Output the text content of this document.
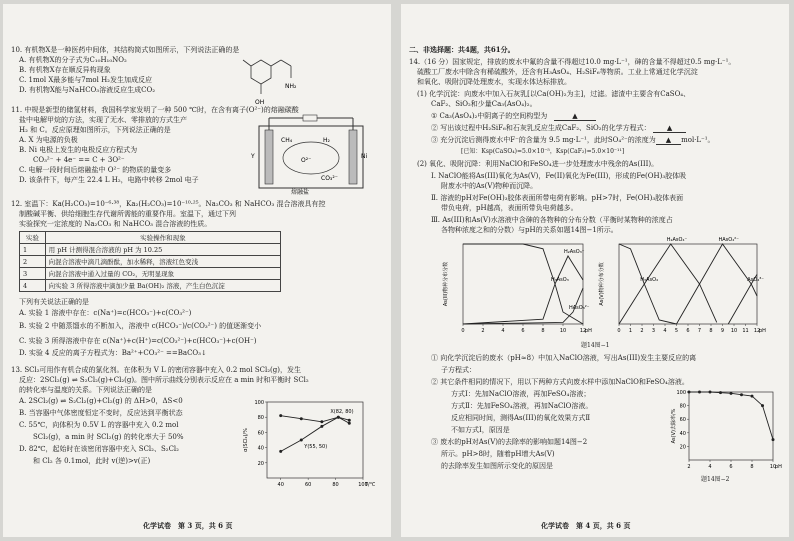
10. 有机物X是一种医药中间体，其结构简式如图所示，下列说法正确的是
A. 有机物X的分子式为C₁₀H₁₀NO₂
B. 有机物X存在顺反异构现象
C. 1mol X最多能与7mol H₂发生加成反应
D. 有机物X能与NaHCO₃溶液反应生成CO₂
OH
NH₂
11. 中规是新型的储氢材料，我国科学家发明了一种 500 ℃时，在含有离子(O²⁻)的熔融碳酸
盐中电解甲烷的方法，实现了无水、零排放的方式生产
H₂ 和 C。反应原理如图所示，下列说法正确的是
A. X 为电源的负极
B. Ni 电极上发生的电极反应方程式为
CO₃²⁻ + 4e⁻ == C + 3O²⁻
C. 电解一段时间后熔融盐中 O²⁻ 的物质的量变多
D. 该条件下，每产生 22.4 L H₂，电路中转移 2mol 电子
CH₄	H₂
O²⁻
CO₃²⁻
Ni
熔融盐
Y
12. 室温下：Ka(H₂CO₃)=10⁻⁶·³⁸，Ka₂(H₂CO₃)=10⁻¹⁰·²⁵。Na₂CO₃ 和 NaHCO₃ 混合溶液具有控
制酸碱平衡、供给细胞生存代谢所需能的重要作用。室温下，通过下列
实验探究一定浓度的 Na₂CO₃ 和 NaHCO₃ 混合溶液的性质。
实验	实验操作和现象
1	用 pH 计测得混合溶液的 pH 为 10.25
2	向混合溶液中滴几滴酚酞，加水稀释，溶液红色变浅
3	向混合溶液中通入过量的 CO₂，无明显现象
4	向实验 3 所得溶液中滴加少量 Ba(OH)₂ 溶液，产生白色沉淀
下列有关说法正确的是
A. 实验 1 溶液中存在：c(Na⁺)=c(HCO₃⁻)+c(CO₃²⁻)
B. 实验 2 中随蒸馏水的不断加入，溶液中 c(HCO₃⁻)/c(CO₃²⁻) 的值逐渐变小
C. 实验 3 所得溶液中存在 c(Na⁺)+c(H⁺)=c(CO₃²⁻)+c(HCO₃⁻)+c(OH⁻)
D. 实验 4 反应的离子方程式为：Ba²⁺+CO₃²⁻ ==BaCO₃↓
13. SCl₂可用作有机合成的氯化剂。在体积为 V L 的密闭容器中充入 0.2 mol SCl₂(g)，发生
反应：2SCl₂(g) ⇌ S₂Cl₂(g)+Cl₂(g)。图中所示曲线分别表示反应在 a min 时和平衡时 SCl₂
的转化率与温度的关系。下列说法正确的是
A. 2SCl₂(g) ⇌ S₂Cl₂(g)+Cl₂(g) 的 ΔH>0，ΔS<0
B. 当容器中气体密度恒定不变时，反应达到平衡状态
C. 55℃，向体积为 0.5V L 的容器中充入 0.2 mol
SCl₂(g)，a min 时 SCl₂(g) 的转化率大于 50%
D. 82℃，起始时在该密闭容器中充入 SCl₂、S₂Cl₂
和 Cl₂ 各 0.1mol，此时 v(逆)>v(正)
40	60	80	100
20
40
60
80
100
T/℃
α(SCl₂)/%	Y(55, 50)
X(82, 80)
化学试卷　第 3 页，共 6 页
二、非选择题：共4题，共61分。
14.（16 分）国家规定，排放的废水中氟的含量不得超过10.0 mg·L⁻¹，砷的含量不得超过0.5 mg·L⁻¹。
硫酸工厂废水中除含有稀硫酸外，还含有H₃AsO₄、H₂SiF₆等物质。工业上常通过化学沉淀
和氧化、吸附沉降处理废水，实现水体达标排放。
(1) 化学沉淀：向废水中加入石灰乳[以Ca(OH)₂为主]，过滤。滤渣中主要含有CaSO₄、
CaF₂、SiO₂和少量Ca₃(AsO₄)₂。
① Ca₃(AsO₄)₂中阴离子的空间构型为　	▲
② 写出该过程中H₂SiF₆和石灰乳反应生成CaF₂、SiO₂的化学方程式： ▲
③ 充分沉淀后测得废水中F⁻的含量为 9.5 mg·L⁻¹，此时SO₄²⁻的浓度为 ▲ mol·L⁻¹。
[已知：Ksp(CaSO₄)=5.0×10⁻⁵，Ksp(CaF₂)=5.0×10⁻¹¹]
(2) 氧化、吸附沉降：利用NaClO和FeSO₄进一步处理废水中残余的As(III)。
Ⅰ. NaClO能将As(III)氧化为As(V)，Fe(II)氧化为Fe(III)，形成的Fe(OH)₃胶体吸
附废水中的As(V)物种而沉降。
Ⅱ. 溶液的pH对Fe(OH)₃胶体表面所带电荷有影响。pH>7时，Fe(OH)₃胶体表面
带负电荷，pH越高，表面所带负电荷越多。
Ⅲ. As(III)和As(V)水溶液中含砷的各物种的分布分数（平衡时某物种的浓度占
各物种浓度之和的分数）与pH的关系如题14图−1所示。
0	2	4	6	8	10	12
H₃AsO₃
H₂AsO₃⁻
HAsO₃²⁻
pH
As(III)物种分布分数
0 1 2 3 4 5 6 7 8 9 10 11 12
H₃AsO₄
H₂AsO₄⁻	HAsO₄²⁻
AsO₄³⁻
pH
As(V)物种分布分数
题14图−1
① 向化学沉淀后的废水（pH≈8）中加入NaClO溶液，写出As(III)发生主要反应的离
子方程式：
② 其它条件相同的情况下，用以下两种方式向废水样中添加NaClO和FeSO₄溶液。
方式Ⅰ：先加NaClO溶液，再加FeSO₄溶液；
方式Ⅱ：先加FeSO₄溶液，再加NaClO溶液。
反应相同时间，测得As(III)的氧化效果方式Ⅱ
不如方式Ⅰ，原因是
③ 废水的pH对As(V)的去除率的影响如题14图−2
所示。pH>8时，随着pH增大As(V)
的去除率发生如图所示变化的原因是	2	4	6	8	10
20
40
60
80
100
pH
As(V)去除率/%
题14图−2
化学试卷　第 4 页，共 6 页
